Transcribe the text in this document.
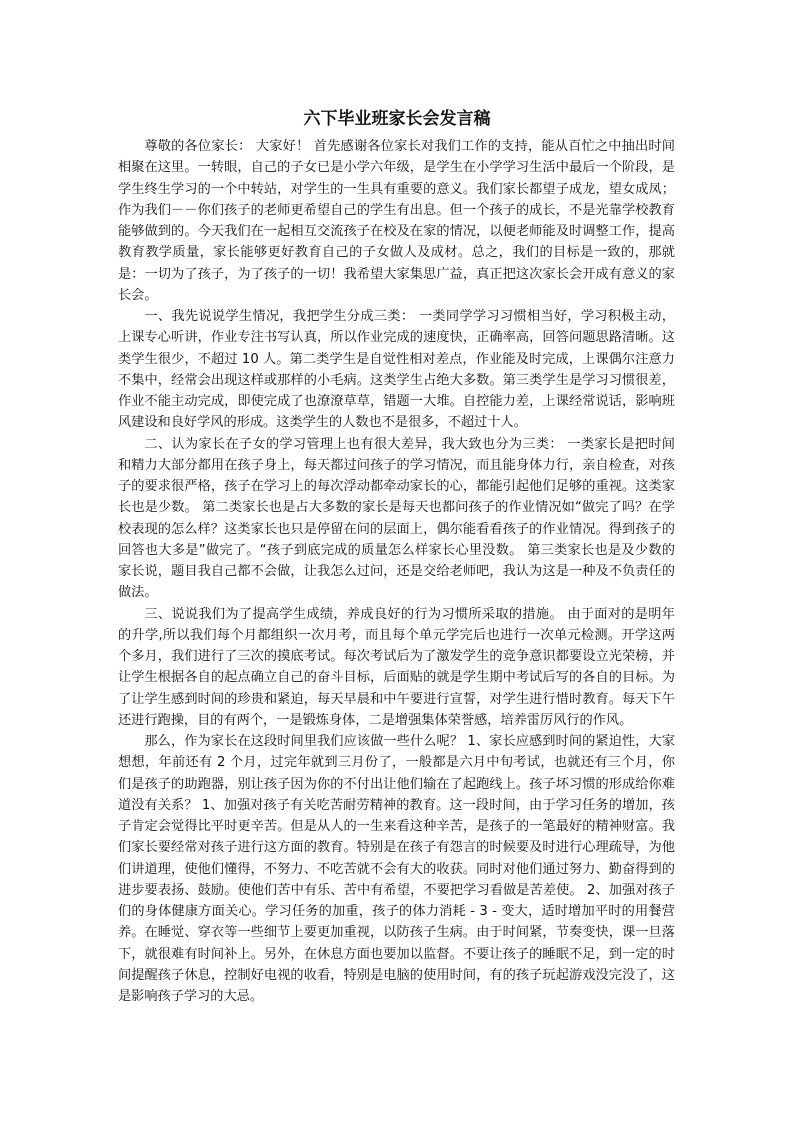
六下毕业班家长会发言稿

尊敬的各位家长： 大家好！ 首先感谢各位家长对我们工作的支持，能从百忙之中抽出时间相聚在这里。一转眼，自己的子女已是小学六年级，是学生在小学学习生活中最后一个阶段，是学生终生学习的一个中转站，对学生的一生具有重要的意义。我们家长都望子成龙，望女成凤；作为我们－－你们孩子的老师更希望自己的学生有出息。但一个孩子的成长，不是光靠学校教育能够做到的。今天我们在一起相互交流孩子在校及在家的情况，以便老师能及时调整工作，提高教育教学质量，家长能够更好教育自己的子女做人及成材。总之，我们的目标是一致的，那就是：一切为了孩子，为了孩子的一切！我希望大家集思广益，真正把这次家长会开成有意义的家长会。

一、我先说说学生情况，我把学生分成三类： 一类同学学习习惯相当好，学习积极主动，上课专心听讲，作业专注书写认真，所以作业完成的速度快，正确率高，回答问题思路清晰。这类学生很少，不超过 10 人。第二类学生是自觉性相对差点，作业能及时完成，上课偶尔注意力不集中，经常会出现这样或那样的小毛病。这类学生占绝大多数。第三类学生是学习习惯很差，作业不能主动完成，即使完成了也潦潦草草，错题一大堆。自控能力差，上课经常说话，影响班风建设和良好学风的形成。这类学生的人数也不是很多，不超过十人。

二、认为家长在子女的学习管理上也有很大差异，我大致也分为三类： 一类家长是把时间和精力大部分都用在孩子身上，每天都过问孩子的学习情况，而且能身体力行，亲自检查，对孩子的要求很严格，孩子在学习上的每次浮动都牵动家长的心，都能引起他们足够的重视。这类家长也是少数。 第二类家长也是占大多数的家长是每天也都问孩子的作业情况如“做完了吗？在学校表现的怎么样？这类家长也只是停留在问的层面上，偶尔能看看孩子的作业情况。得到孩子的回答也大多是”做完了。“孩子到底完成的质量怎么样家长心里没数。 第三类家长也是及少数的家长说，题目我自己都不会做，让我怎么过问，还是交给老师吧，我认为这是一种及不负责任的做法。

三、说说我们为了提高学生成绩，养成良好的行为习惯所采取的措施。 由于面对的是明年的升学,所以我们每个月都组织一次月考，而且每个单元学完后也进行一次单元检测。开学这两个多月，我们进行了三次的摸底考试。每次考试后为了激发学生的竞争意识都要设立光荣榜，并让学生根据各自的起点确立自己的奋斗目标，后面贴的就是学生期中考试后写的各自的目标。为了让学生感到时间的珍贵和紧迫，每天早晨和中午要进行宣誓，对学生进行惜时教育。每天下午还进行跑操，目的有两个，一是锻炼身体，二是增强集体荣誉感，培养雷厉风行的作风。

那么，作为家长在这段时间里我们应该做一些什么呢？ 1、家长应感到时间的紧迫性，大家想想，年前还有 2 个月，过完年就到三月份了，一般都是六月中旬考试，也就还有三个月，你们是孩子的助跑器，别让孩子因为你的不付出让他们输在了起跑线上。孩子坏习惯的形成给你难道没有关系？ 1、加强对孩子有关吃苦耐劳精神的教育。这一段时间，由于学习任务的增加，孩子肯定会觉得比平时更辛苦。但是从人的一生来看这种辛苦，是孩子的一笔最好的精神财富。我们家长要经常对孩子进行这方面的教育。特别是在孩子有怨言的时候要及时进行心理疏导，为他们讲道理，使他们懂得，不努力、不吃苦就不会有大的收获。同时对他们通过努力、勤奋得到的进步要表扬、鼓励。使他们苦中有乐、苦中有希望，不要把学习看做是苦差使。 2、加强对孩子们的身体健康方面关心。学习任务的加重，孩子的体力消耗 - 3 - 变大，适时增加平时的用餐营养。在睡觉、穿衣等一些细节上要更加重视，以防孩子生病。由于时间紧，节奏变快，课一旦落下，就很难有时间补上。另外，在休息方面也要加以监督。不要让孩子的睡眠不足，到一定的时间提醒孩子休息，控制好电视的收看，特别是电脑的使用时间，有的孩子玩起游戏没完没了，这是影响孩子学习的大忌。
